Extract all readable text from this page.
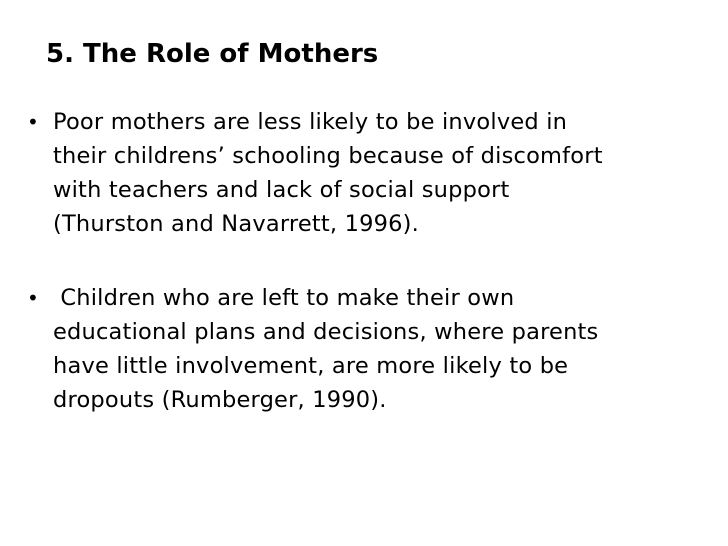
5. The Role of Mothers
• Poor mothers are less likely to be involved in
their childrens’ schooling because of discomfort
with teachers and lack of social support
(Thurston and Navarrett, 1996).
• Children who are left to make their own
educational plans and decisions, where parents
have little involvement, are more likely to be
dropouts (Rumberger, 1990).
